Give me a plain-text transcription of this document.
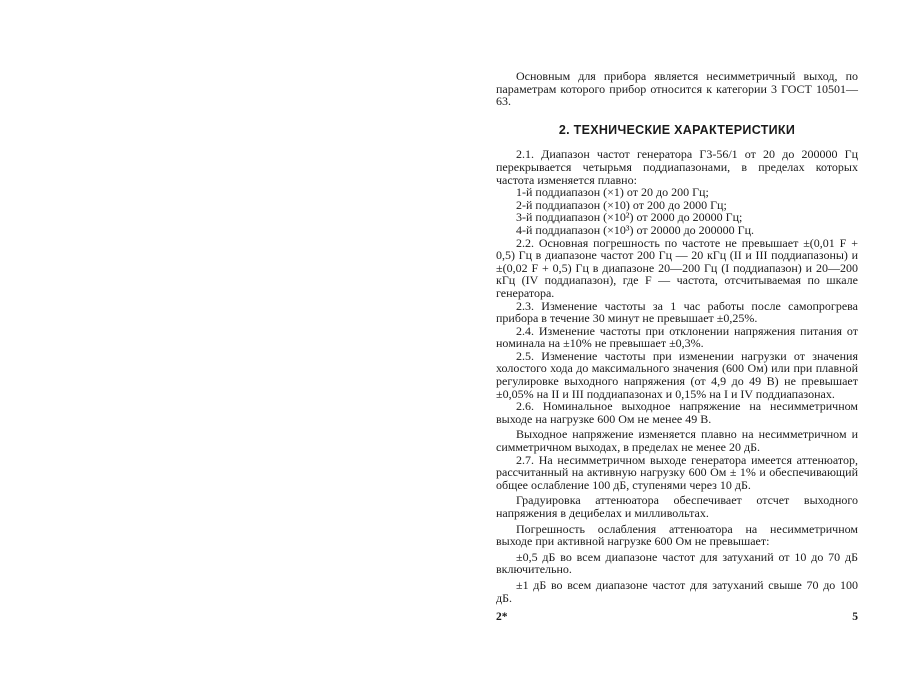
Основным для прибора является несимметричный выход, по параметрам которого прибор относится к категории 3 ГОСТ 10501—63.

2. ТЕХНИЧЕСКИЕ ХАРАКТЕРИСТИКИ

2.1. Диапазон частот генератора Г3-56/1 от 20 до 200000 Гц перекрывается четырьмя поддиапазонами, в пределах которых частота изменяется плавно:

1-й поддиапазон (×1) от 20 до 200 Гц;

2-й поддиапазон (×10) от 200 до 2000 Гц;

3-й поддиапазон (×10²) от 2000 до 20000 Гц;

4-й поддиапазон (×10³) от 20000 до 200000 Гц.

2.2. Основная погрешность по частоте не превышает ±(0,01 F + 0,5) Гц в диапазоне частот 200 Гц — 20 кГц (II и III поддиапазоны) и ±(0,02 F + 0,5) Гц в диапазоне 20—200 Гц (I поддиапазон) и 20—200 кГц (IV поддиапазон), где F — частота, отсчитываемая по шкале генератора.

2.3. Изменение частоты за 1 час работы после самопрогрева прибора в течение 30 минут не превышает ±0,25%.

2.4. Изменение частоты при отклонении напряжения питания от номинала на ±10% не превышает ±0,3%.

2.5. Изменение частоты при изменении нагрузки от значения холостого хода до максимального значения (600 Ом) или при плавной регулировке выходного напряжения (от 4,9 до 49 В) не превышает ±0,05% на II и III поддиапазонах и 0,15% на I и IV поддиапазонах.

2.6. Номинальное выходное напряжение на несимметричном выходе на нагрузке 600 Ом не менее 49 В.

Выходное напряжение изменяется плавно на несимметричном и симметричном выходах, в пределах не менее 20 дБ.

2.7. На несимметричном выходе генератора имеется аттенюатор, рассчитанный на активную нагрузку 600 Ом ± 1% и обеспечивающий общее ослабление 100 дБ, ступенями через 10 дБ.

Градуировка аттенюатора обеспечивает отсчет выходного напряжения в децибелах и милливольтах.

Погрешность ослабления аттенюатора на несимметричном выходе при активной нагрузке 600 Ом не превышает:

±0,5 дБ во всем диапазоне частот для затуханий от 10 до 70 дБ включительно.

±1 дБ во всем диапазоне частот для затуханий свыше 70 до 100 дБ.

2*	5
